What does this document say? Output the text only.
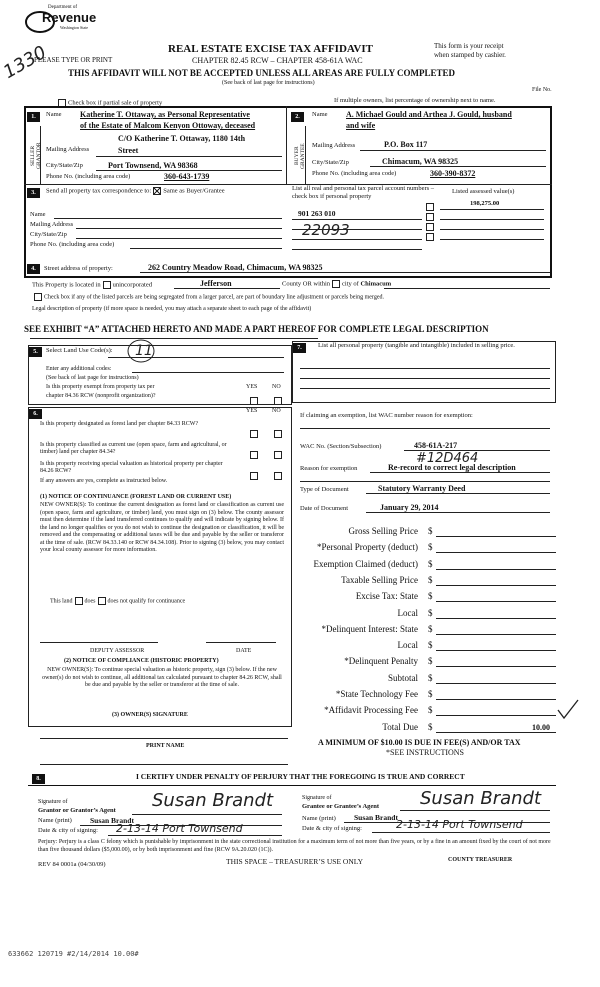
Department of
Revenue
Washington State
1330
PLEASE TYPE OR PRINT
REAL ESTATE EXCISE TAX AFFIDAVIT
CHAPTER 82.45 RCW – CHAPTER 458-61A WAC
THIS AFFIDAVIT WILL NOT BE ACCEPTED UNLESS ALL AREAS ARE FULLY COMPLETED
(See back of last page for instructions)
This form is your receipt
when stamped by cashier.
File No.
Check box if partial sale of property	If multiple owners, list percentage of ownership next to name.
1.
SELLER GRANTOR
Name Katherine T. Ottaway, as Personal Representative
of the Estate of Malcom Kenyon Ottoway, deceased
C/O Katherine T. Ottaway, 1180 14th
Mailing Address	Street
City/State/Zip	Port Townsend, WA 98368
Phone No. (including area code)	360-643-1739
2.
BUYER GRANTEE
Name A. Michael Gould and Arthea J. Gould, husband
and wife
Mailing Address	P.O. Box 117
City/State/Zip	Chimacum, WA 98325
Phone No. (including area code)	360-390-8372
3.	Send all property tax correspondence to: Same as Buyer/Grantee	List all real and personal tax parcel account numbers – check box if personal property
Listed assessed value(s)
198,275.00
901 263 010
22093
Name
Mailing Address
City/State/Zip
Phone No. (including area code)

4.	Street address of property:	262 Country Meadow Road, Chimacum, WA 98325
This Property is located in unincorporated	Jefferson	County OR within city of Chimacum
Check box if any of the listed parcels are being segregated from a larger parcel, are part of boundary line adjustment or parcels being merged.
Legal description of property (if more space is needed, you may attach a separate sheet to each page of the affidavit)
SEE EXHIBIT “A” ATTACHED HERETO AND MADE A PART HEREOF FOR COMPLETE LEGAL DESCRIPTION
5.	Select Land Use Code(s): 11
Enter any additional codes:
(See back of last page for instructions)
Is this property exempt from property tax per
chapter 84.36 RCW (nonprofit organization)?
YES NO
6.	YES NO
Is this property designated as forest land per chapter 84.33 RCW?
Is this property classified as current use (open space, farm and agricultural, or timber) land per chapter 84.34?
Is this property receiving special valuation as historical property per chapter 84.26 RCW?
If any answers are yes, complete as instructed below.

(1) NOTICE OF CONTINUANCE (FOREST LAND OR CURRENT USE)
NEW OWNER(S): To continue the current designation as forest land or classification as current use (open space, farm and agriculture, or timber) land, you must sign on (3) below. The county assessor must then determine if the land transferred continues to qualify and will indicate by signing below. If the land no longer qualifies or you do not wish to continue the designation or classification, it will be removed and the compensating or additional taxes will be due and payable by the seller or transferor at the time of sale. (RCW 84.33.140 or RCW 84.34.108). Prior to signing (3) below, you may contact your local county assessor for more information.
This land does does not qualify for continuance
DEPUTY ASSESSOR	DATE
(2) NOTICE OF COMPLIANCE (HISTORIC PROPERTY)
NEW OWNER(S): To continue special valuation as historic property, sign (3) below. If the new owner(s) do not wish to continue, all additional tax calculated pursuant to chapter 84.26 RCW, shall be due and payable by the seller or transferor at the time of sale.
(3) OWNER(S) SIGNATURE
PRINT NAME
7.	List all personal property (tangible and intangible) included in selling price.
If claiming an exemption, list WAC number reason for exemption:
WAC No. (Section/Subsection)	458-61A-217
#12D464
Reason for exemption	Re-record to correct legal description
Type of Document	Statutory Warranty Deed
Date of Document	January 29, 2014
Gross Selling Price $
*Personal Property (deduct) $
Exemption Claimed (deduct) $
Taxable Selling Price $
Excise Tax: State $
Local $
*Delinquent Interest: State $
Local $
*Delinquent Penalty $
Subtotal $
*State Technology Fee $
*Affidavit Processing Fee $
Total Due $	10.00
A MINIMUM OF $10.00 IS DUE IN FEE(S) AND/OR TAX
*SEE INSTRUCTIONS
8.	I CERTIFY UNDER PENALTY OF PERJURY THAT THE FOREGOING IS TRUE AND CORRECT
Signature of
Grantor or Grantor’s Agent Susan Brandt
Name (print) Susan Brandt
Date & city of signing: 2-13-14 Port Townsend
Signature of
Grantee or Grantee’s Agent Susan Brandt
Name (print) Susan Brandt
Date & city of signing:	2-13-14 Port Townsend
Perjury: Perjury is a class C felony which is punishable by imprisonment in the state correctional institution for a maximum term of not more than five years, or by a fine in an amount fixed by the court of not more than five thousand dollars ($5,000.00), or by both imprisonment and fine (RCW 9A.20.020 (1C)).
REV 84 0001a (04/30/09)	THIS SPACE – TREASURER’S USE ONLY	COUNTY TREASURER
633662 120719 #2/14/2014 10.00#
